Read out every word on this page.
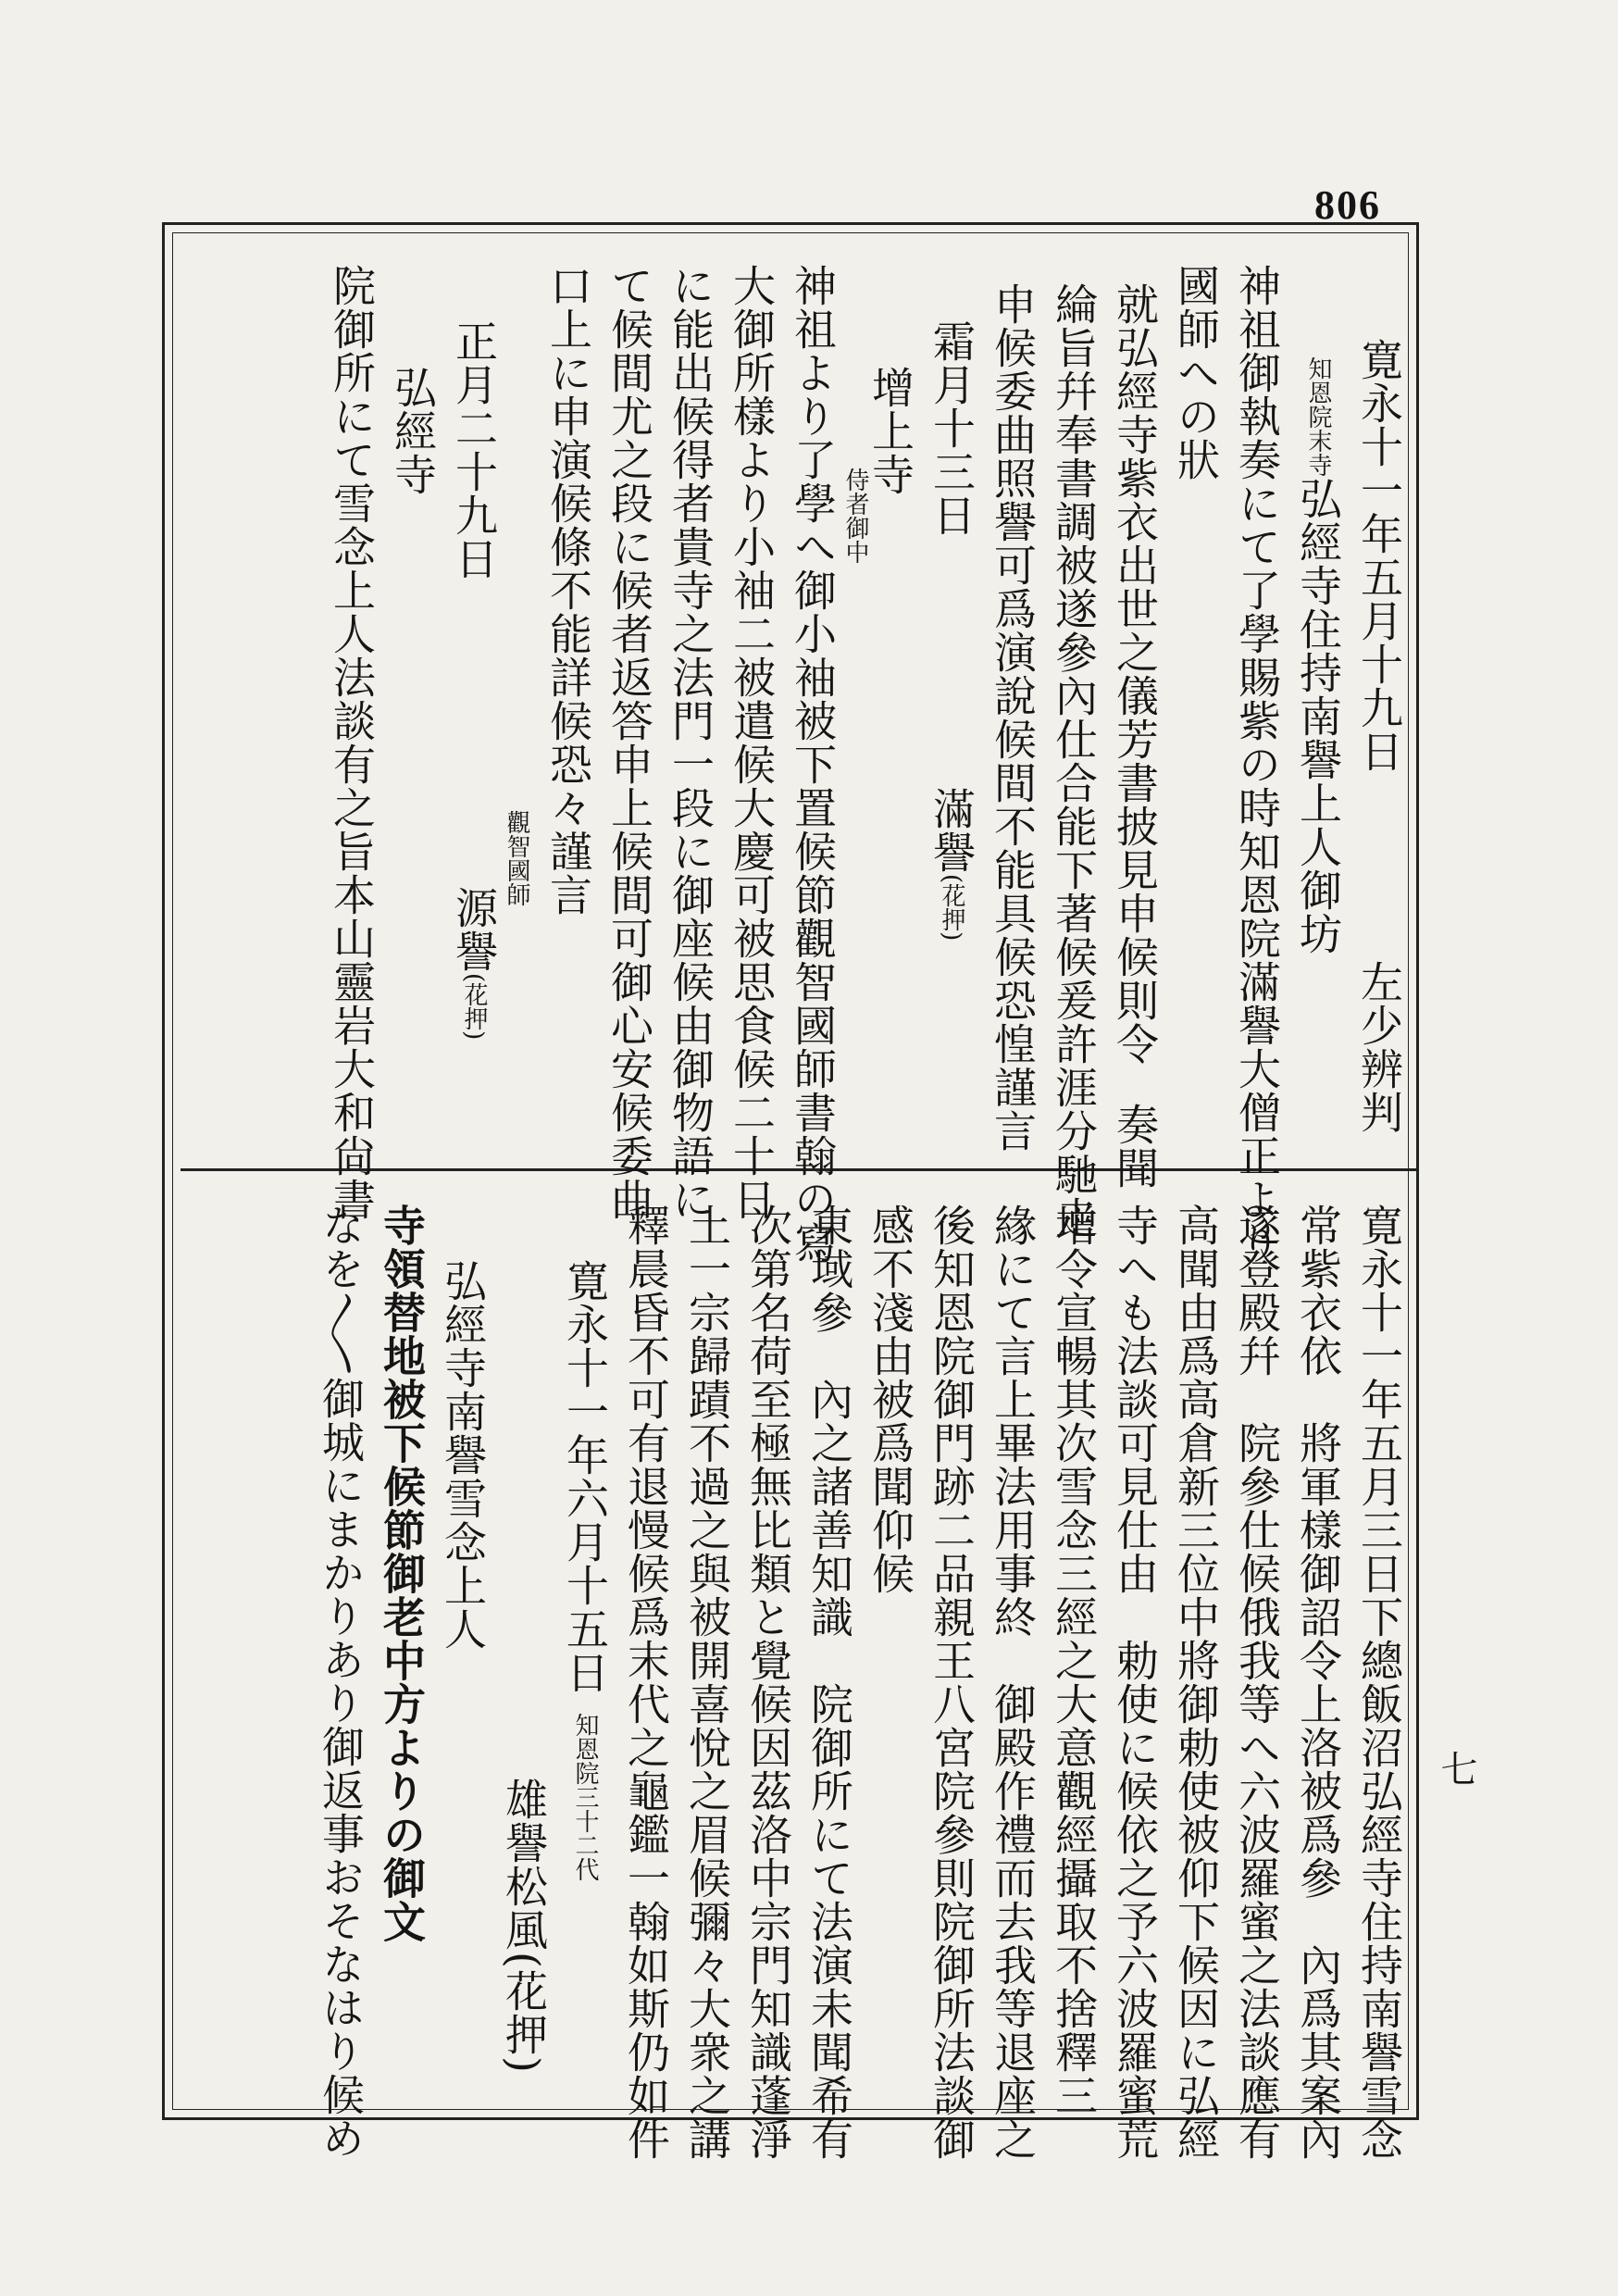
806
七
寛永十一年五月十九日
左少辨判
知恩院末寺弘經寺住持南譽上人御坊
神祖御執奏にて了學賜紫の時知恩院滿譽大僧正より
國師への狀
就弘經寺紫衣出世之儀芳書披見申候則令奏聞
綸旨幷奉書調被遂參內仕合能下著候爰許涯分馳走
申候委曲照譽可爲演說候間不能具候恐惶謹言
霜月十三日滿譽(花押)
增上寺
侍者御中
神祖より了學へ御小袖被下置候節觀智國師書翰の寫
大御所樣より小袖二被遣候大慶可被思食候二十日
に能出候得者貴寺之法門一段に御座候由御物語に
て候間尤之段に候者返答申上候間可御心安候委曲
口上に申演候條不能詳候恐々謹言
觀智國師
正月二十九日源譽(花押)
弘經寺
院御所にて雪念上人法談有之旨本山靈岩大和尙書
寛永十一年五月三日下總飯沼弘經寺住持南譽雪念
常紫衣依　將軍樣御詔令上洛被爲參　內爲其案內
遂登殿幷　院參仕候俄我等へ六波羅蜜之法談應有
高聞由爲高倉新三位中將御勅使被仰下候因に弘經
寺へも法談可見仕由　勅使に候依之予六波羅蜜荒
增令宣暢其次雪念三經之大意觀經攝取不捨釋三
緣にて言上畢法用事終　御殿作禮而去我等退座之
後知恩院御門跡二品親王八宮院參則院御所法談御
感不淺由被爲聞仰候
東域參　內之諸善知識　院御所にて法演未聞希有
次第名荷至極無比類と覺候因茲洛中宗門知識蓬淨
土一宗歸蹟不過之與被開喜悅之眉候彌々大衆之講
釋晨昏不可有退慢候爲末代之龜鑑一翰如斯仍如件
寛永十一年六月十五日知恩院三十二代
雄譽松風(花押)
弘經寺南譽雪念上人
寺領替地被下候節御老中方よりの御文
なを〳〵御城にまかりあり御返事おそなはり候め
